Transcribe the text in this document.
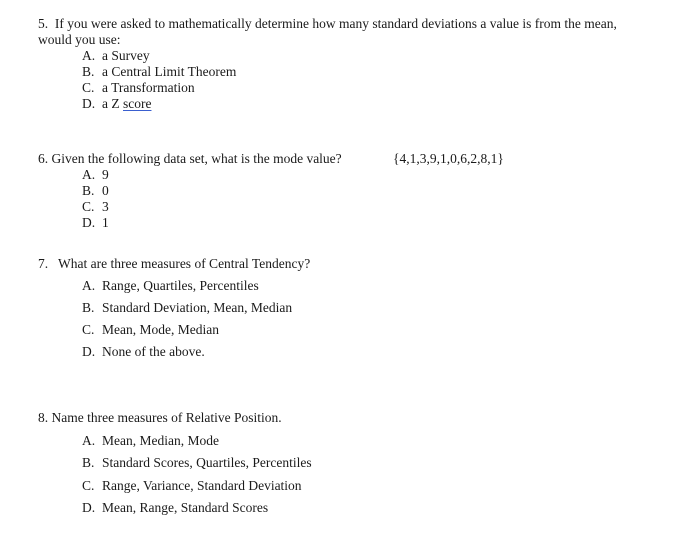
5. If you were asked to mathematically determine how many standard deviations a value is from the mean,
would you use:

A. a Survey
B. a Central Limit Theorem
C. a Transformation
D. a Z score

6. Given the following data set, what is the mode value?

A. 9
B. 0
C. 3
D. 1
{4,1,3,9,1,0,6,2,8,1}

7. What are three measures of Central Tendency?

A. Range, Quartiles, Percentiles
B. Standard Deviation, Mean, Median
C. Mean, Mode, Median
D. None of the above.

8. Name three measures of Relative Position.

A. Mean, Median, Mode
B. Standard Scores, Quartiles, Percentiles
C. Range, Variance, Standard Deviation
D. Mean, Range, Standard Scores
